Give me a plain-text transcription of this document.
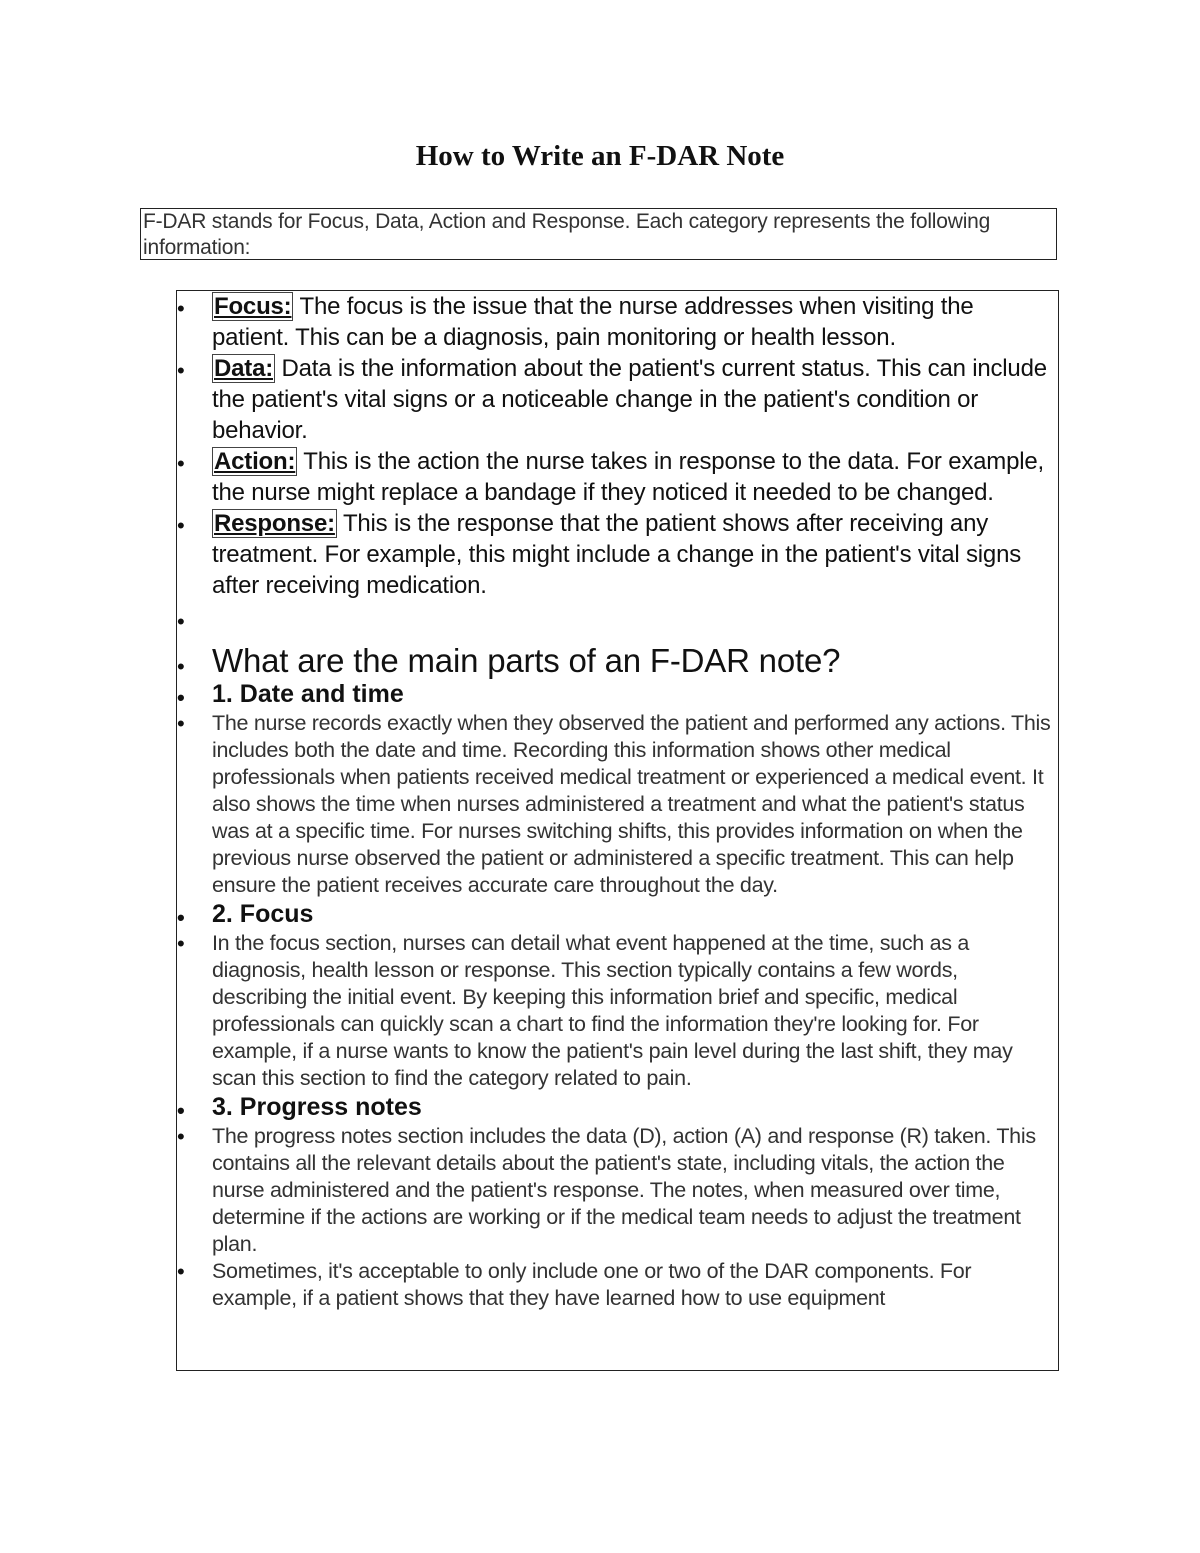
How to Write an F-DAR Note
F-DAR stands for Focus, Data, Action and Response. Each category represents the following information:
• Focus: The focus is the issue that the nurse addresses when visiting the patient. This can be a diagnosis, pain monitoring or health lesson.
• Data: Data is the information about the patient's current status. This can include the patient's vital signs or a noticeable change in the patient's condition or behavior.
• Action: This is the action the nurse takes in response to the data. For example, the nurse might replace a bandage if they noticed it needed to be changed.
• Response: This is the response that the patient shows after receiving any treatment. For example, this might include a change in the patient's vital signs after receiving medication.
•
• What are the main parts of an F-DAR note?
• 1. Date and time
• The nurse records exactly when they observed the patient and performed any actions. This includes both the date and time. Recording this information shows other medical professionals when patients received medical treatment or experienced a medical event. It also shows the time when nurses administered a treatment and what the patient's status was at a specific time. For nurses switching shifts, this provides information on when the previous nurse observed the patient or administered a specific treatment. This can help ensure the patient receives accurate care throughout the day.
• 2. Focus
• In the focus section, nurses can detail what event happened at the time, such as a diagnosis, health lesson or response. This section typically contains a few words, describing the initial event. By keeping this information brief and specific, medical professionals can quickly scan a chart to find the information they're looking for. For example, if a nurse wants to know the patient's pain level during the last shift, they may scan this section to find the category related to pain.
• 3. Progress notes
• The progress notes section includes the data (D), action (A) and response (R) taken. This contains all the relevant details about the patient's state, including vitals, the action the nurse administered and the patient's response. The notes, when measured over time, determine if the actions are working or if the medical team needs to adjust the treatment plan.
• Sometimes, it's acceptable to only include one or two of the DAR components. For example, if a patient shows that they have learned how to use equipment
